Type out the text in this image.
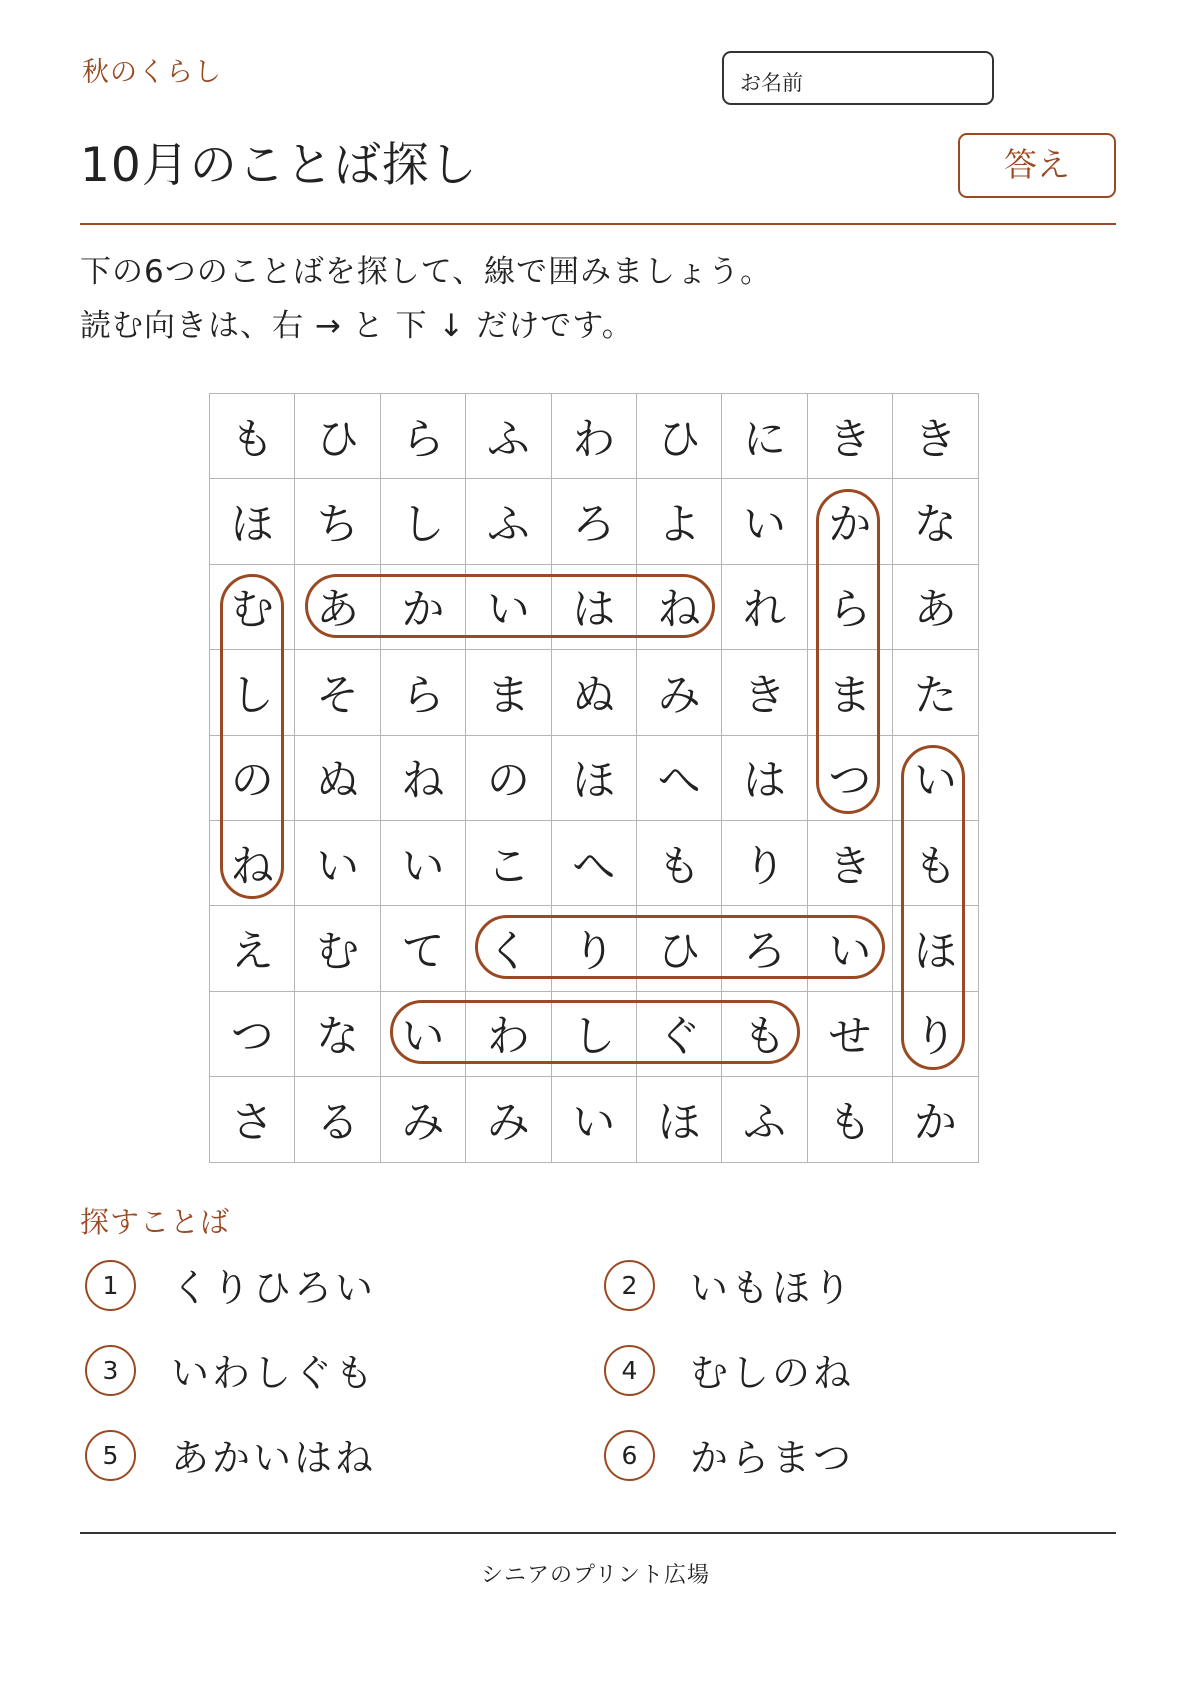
秋のくらし	お名前
10月のことば探し	答え
下の6つのことばを探して、線で囲みましょう。
読む向きは、右 → と 下 ↓ だけです。
も	ひ	ら	ふ	わ	ひ	に	き	き
ほ	ち	し	ふ	ろ	よ	い	か	な
む	あ	か	い	は	ね	れ	ら	あ
し	そ	ら	ま	ぬ	み	き	ま	た
の	ぬ	ね	の	ほ	へ	は	つ	い
ね	い	い	こ	へ	も	り	き	も
え	む	て	く	り	ひ	ろ	い	ほ
つ	な	い	わ	し	ぐ	も	せ	り
さ	る	み	み	い	ほ	ふ	も	か
探すことば
1	くりひろい	2	いもほり
3	いわしぐも	4	むしのね
5	あかいはね	6	からまつ
シニアのプリント広場
